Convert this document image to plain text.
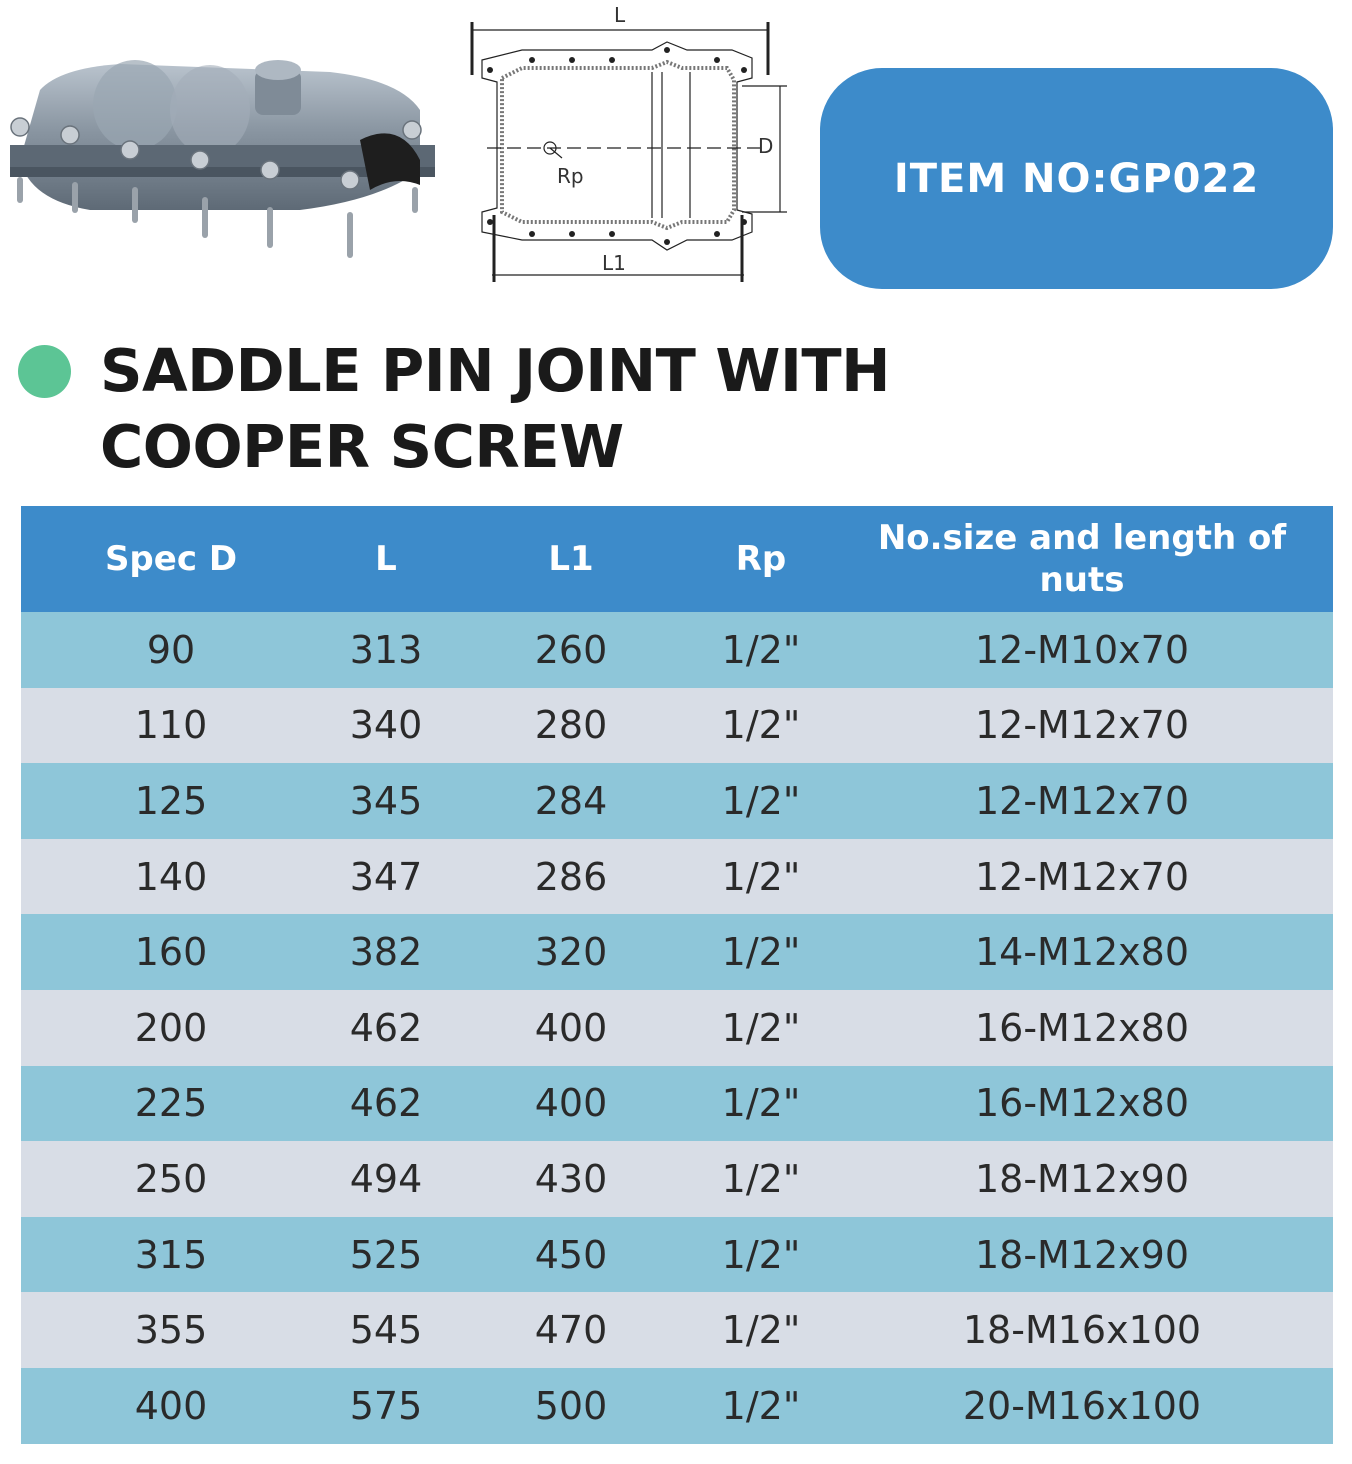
L
L1
D
Rp	ITEM NO:GP022
SADDLE PIN JOINT WITH
COOPER SCREW
Spec D	L	L1	Rp	No.size and length of nuts
90	313	260	1/2"	12-M10x70
110	340	280	1/2"	12-M12x70
125	345	284	1/2"	12-M12x70
140	347	286	1/2"	12-M12x70
160	382	320	1/2"	14-M12x80
200	462	400	1/2"	16-M12x80
225	462	400	1/2"	16-M12x80
250	494	430	1/2"	18-M12x90
315	525	450	1/2"	18-M12x90
355	545	470	1/2"	18-M16x100
400	575	500	1/2"	20-M16x100
